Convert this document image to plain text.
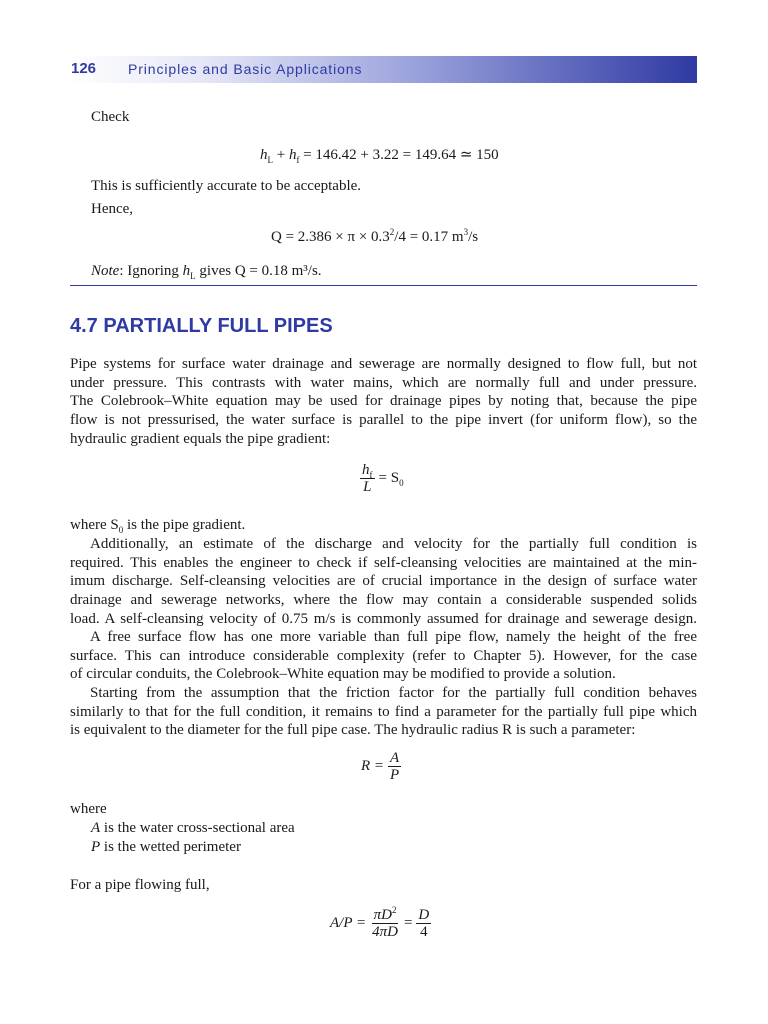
126 Principles and Basic Applications
Check
$h_L + h_f = 146.42 + 3.22 = 149.64$ ≃ 150
This is sufficiently accurate to be acceptable.
Hence,
$Q = 2.386 \times \pi \times 0.3^2/4 = 0.17$ $m^3/s$
Note: Ignoring $h_L$ gives Q = 0.18 m³/s.
4.7 PARTIALLY FULL PIPES
Pipe systems for surface water drainage and sewerage are normally designed to flow full, but not
under pressure. This contrasts with water mains, which are normally full and under pressure.
The Colebrook–White equation may be used for drainage pipes by noting that, because the pipe
flow is not pressurised, the water surface is parallel to the pipe invert (for uniform flow), so the
hydraulic gradient equals the pipe gradient:
$\frac{h_f}{L} = S_0$
where $S_0$ is the pipe gradient.
Additionally, an estimate of the discharge and velocity for the partially full condition is
required. This enables the engineer to check if self-cleansing velocities are maintained at the min-
imum discharge. Self-cleansing velocities are of crucial importance in the design of surface water
drainage and sewerage networks, where the flow may contain a considerable suspended solids
load. A self-cleansing velocity of 0.75 m/s is commonly assumed for drainage and sewerage design.
A free surface flow has one more variable than full pipe flow, namely the height of the free
surface. This can introduce considerable complexity (refer to Chapter 5). However, for the case
of circular conduits, the Colebrook–White equation may be modified to provide a solution.
Starting from the assumption that the friction factor for the partially full condition behaves
similarly to that for the full condition, it remains to find a parameter for the partially full pipe which
is equivalent to the diameter for the full pipe case. The hydraulic radius R is such a parameter:
$R = \frac{A}{P}$
where
A is the water cross-sectional area
P is the wetted perimeter
For a pipe flowing full,
$A/P = \frac{\pi D^2}{4\pi D} = \frac{D}{4}$
